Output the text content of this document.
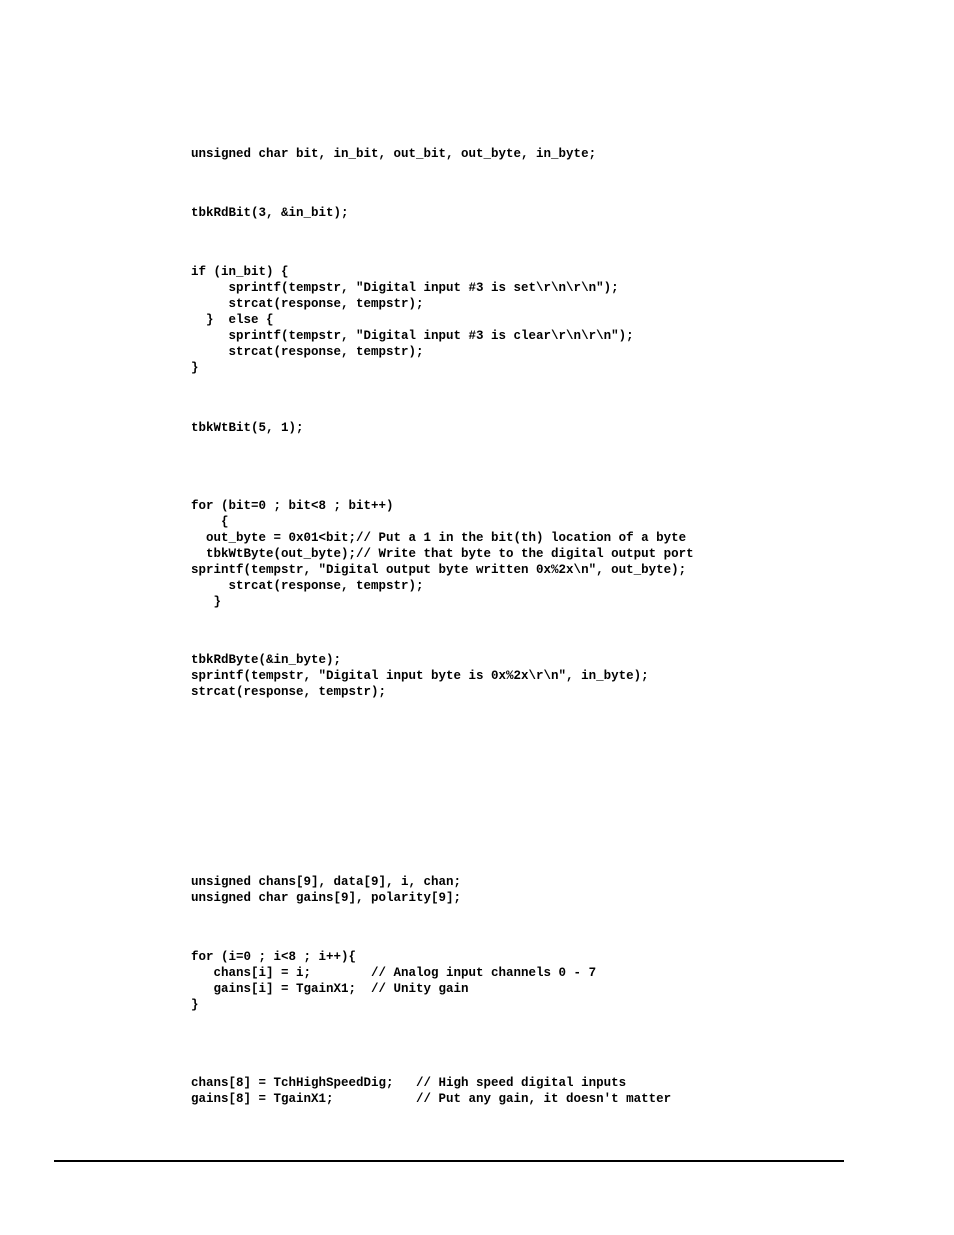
unsigned char bit, in_bit, out_bit, out_byte, in_byte;
tbkRdBit(3, &in_bit);
if (in_bit) {
sprintf(tempstr, "Digital input #3 is set\r\n\r\n");
strcat(response, tempstr);
}  else {
sprintf(tempstr, "Digital input #3 is clear\r\n\r\n");
strcat(response, tempstr);
}
tbkWtBit(5, 1);
for (bit=0 ; bit<8 ; bit++)
{
out_byte = 0x01<bit;// Put a 1 in the bit(th) location of a byte
tbkWtByte(out_byte);// Write that byte to the digital output port
sprintf(tempstr, "Digital output byte written 0x%2x\n", out_byte);
strcat(response, tempstr);
}
tbkRdByte(&in_byte);
sprintf(tempstr, "Digital input byte is 0x%2x\r\n", in_byte);
strcat(response, tempstr);
unsigned chans[9], data[9], i, chan;
unsigned char gains[9], polarity[9];
for (i=0 ; i<8 ; i++){
chans[i] = i;        // Analog input channels 0 - 7
gains[i] = TgainX1;  // Unity gain
}
chans[8] = TchHighSpeedDig;   // High speed digital inputs
gains[8] = TgainX1;           // Put any gain, it doesn't matter
